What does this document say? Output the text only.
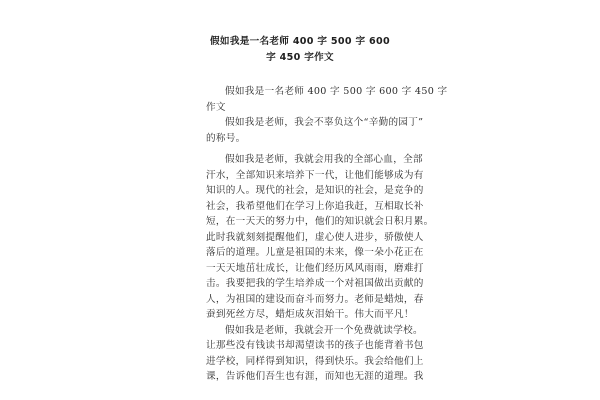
假如我是一名老师 400 字 500 字 600
字 450 字作文
假如我是一名老师 400 字 500 字 600 字 450 字
作文
假如我是老师，我会不辜负这个“辛勤的园丁”
的称号。
假如我是老师，我就会用我的全部心血，全部
汗水，全部知识来培养下一代，让他们能够成为有
知识的人。现代的社会，是知识的社会，是竞争的
社会，我希望他们在学习上你追我赶，互相取长补
短，在一天天的努力中，他们的知识就会日积月累。
此时我就刻刻提醒他们，虚心使人进步，骄傲使人
落后的道理。儿童是祖国的未来，像一朵小花正在
一天天地茁壮成长，让他们经历风风雨雨，磨难打
击。我要把我的学生培养成一个对祖国做出贡献的
人，为祖国的建设而奋斗而努力。老师是蜡烛，春
蚕到死丝方尽，蜡炬成灰泪始干。伟大而平凡！
假如我是老师，我就会开一个免费就读学校。
让那些没有钱读书却渴望读书的孩子也能背着书包
进学校，同样得到知识，得到快乐。我会给他们上
课，告诉他们吾生也有涯，而知也无涯的道理。我
